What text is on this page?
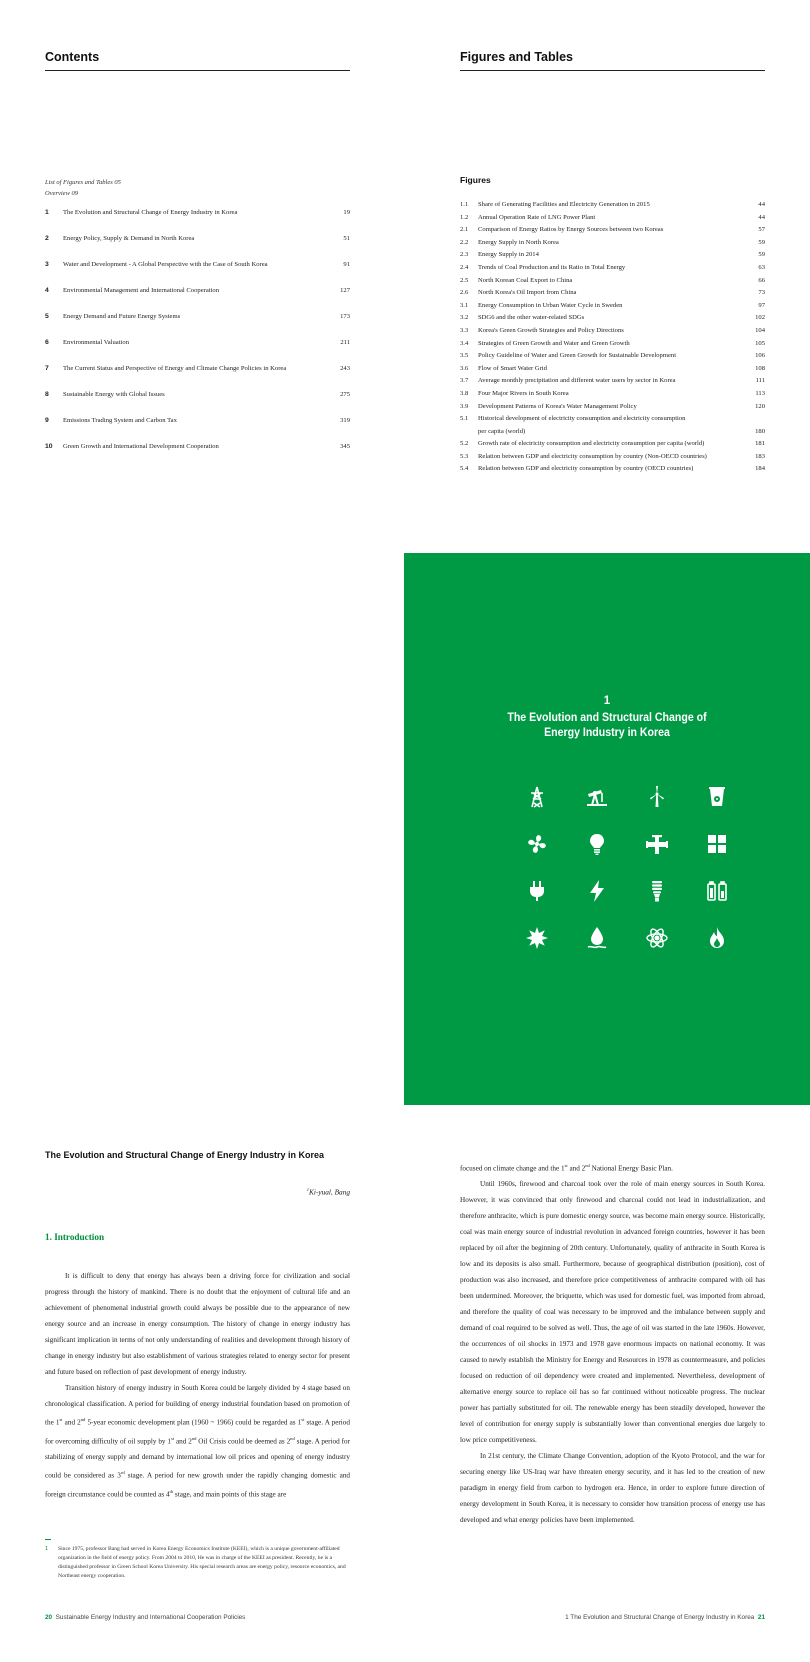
Contents
List of Figures and Tables 05
Overview 09
1	The Evolution and Structural Change of Energy Industry in Korea	19
2	Energy Policy, Supply & Demand in North Korea	51
3	Water and Development - A Global Perspective with the Case of South Korea	91
4	Environmental Management and International Cooperation	127
5	Energy Demand and Future Energy Systems	173
6	Environmental Valuation	211
7	The Current Status and Perspective of Energy and Climate Change Policies in Korea	243
8	Sustainable Energy with Global Issues	275
9	Emissions Trading System and Carbon Tax	319
10	Green Growth and International Development Cooperation	345
Figures and Tables
Figures
1.1	Share of Generating Facilities and Electricity Generation in 2015	44
1.2	Annual Operation Rate of LNG Power Plant	44
2.1	Comparison of Energy Ratios by Energy Sources between two Koreas	57
2.2	Energy Supply in North Korea	59
2.3	Energy Supply in 2014	59
2.4	Trends of Coal Production and its Ratio in Total Energy	63
2.5	North Korean Coal Export to China	66
2.6	North Korea's Oil Import from China	73
3.1	Energy Consumption in Urban Water Cycle in Sweden	97
3.2	SDG6 and the other water-related SDGs	102
3.3	Korea's Green Growth Strategies and Policy Directions	104
3.4	Strategies of Green Growth and Water and Green Growth	105
3.5	Policy Guideline of Water and Green Growth for Sustainable Development	106
3.6	Flow of Smart Water Grid	108
3.7	Average monthly precipitation and different water users by sector in Korea	111
3.8	Four Major Rivers in South Korea	113
3.9	Development Patterns of Korea's Water Management Policy	120
5.1	Historical development of electricity consumption and electricity consumption
per capita (world)	180
5.2	Growth rate of electricity consumption and electricity consumption per capita (world)	181
5.3	Relation between GDP and electricity consumption by country (Non-OECD countries)	183
5.4	Relation between GDP and electricity consumption by country (OECD countries)	184
1
The Evolution and Structural Change of
Energy Industry in Korea
The Evolution and Structural Change of Energy Industry in Korea
$^1$Ki-yual, Bang
1. Introduction

It is difficult to deny that energy has always been a driving force for civilization and social progress through the history of mankind. There is no doubt that the enjoyment of cultural life and an achievement of phenomenal industrial growth could always be possible due to the appearance of new energy source and an increase in energy consumption. The history of change in energy industry has significant implication in terms of not only understanding of realities and development through history of change in energy industry but also establishment of various strategies related to energy sector for present and future based on reflection of past development of energy industry.

Transition history of energy industry in South Korea could be largely divided by 4 stage based on chronological classification. A period for building of energy industrial foundation based on promotion of the 1st and 2nd 5-year economic development plan (1960 ~ 1966) could be regarded as 1st stage. A period for overcoming difficulty of oil supply by 1st and 2nd Oil Crisis could be deemed as 2nd stage. A period for stabilizing of energy supply and demand by international low oil prices and opening of energy industry could be considered as 3rd stage. A period for new growth under the rapidly changing domestic and foreign circumstance could be counted as 4th stage, and main points of this stage are

1	Since 1975, professor Bang had served in Korea Energy Economics Institute (KEEI), which is a unique government-affiliated organization in the field of energy policy. From 2004 to 2010, He was in charge of the KEEI as president. Recently, he is a distinguished professor in Green School Korea University. His special research areas are energy policy, resource economics, and Northeast energy cooperation.

focused on climate change and the 1st and 2nd National Energy Basic Plan.

Until 1960s, firewood and charcoal took over the role of main energy sources in South Korea. However, it was convinced that only firewood and charcoal could not lead in industrialization, and therefore anthracite, which is pure domestic energy source, was become main energy source. Historically, coal was main energy source of industrial revolution in advanced foreign countries, however it has been replaced by oil after the beginning of 20th century. Unfortunately, quality of anthracite in South Korea is low and its deposits is also small. Furthermore, because of geographical distribution (position), cost of production was also increased, and therefore price competitiveness of anthracite compared with oil has been undermined. Moreover, the briquette, which was used for domestic fuel, was imported from abroad, and therefore the quality of coal was necessary to be improved and the imbalance between supply and demand of coal required to be solved as well. Thus, the age of oil was started in the late 1960s. However, the occurrences of oil shocks in 1973 and 1978 gave enormous impacts on national economy. It was caused to newly establish the Ministry for Energy and Resources in 1978 as countermeasure, and policies focused on reduction of oil dependency were created and implemented. Nevertheless, development of alternative energy source to replace oil has so far continued without noticeable progress. The nuclear power has partially substituted for oil. The renewable energy has been steadily developed, however the level of contribution for energy supply is substantially lower than conventional energies due largely to low price competitiveness.

In 21st century, the Climate Change Convention, adoption of the Kyoto Protocol, and the war for securing energy like US-Iraq war have threaten energy security, and it has led to the creation of new paradigm in energy field from carbon to hydrogen era. Hence, in order to explore future direction of energy development in South Korea, it is necessary to consider how transition process of energy use has developed and what energy policies have been implemented.

20 Sustainable Energy Industry and International Cooperation Policies	1 The Evolution and Structural Change of Energy Industry in Korea 21
